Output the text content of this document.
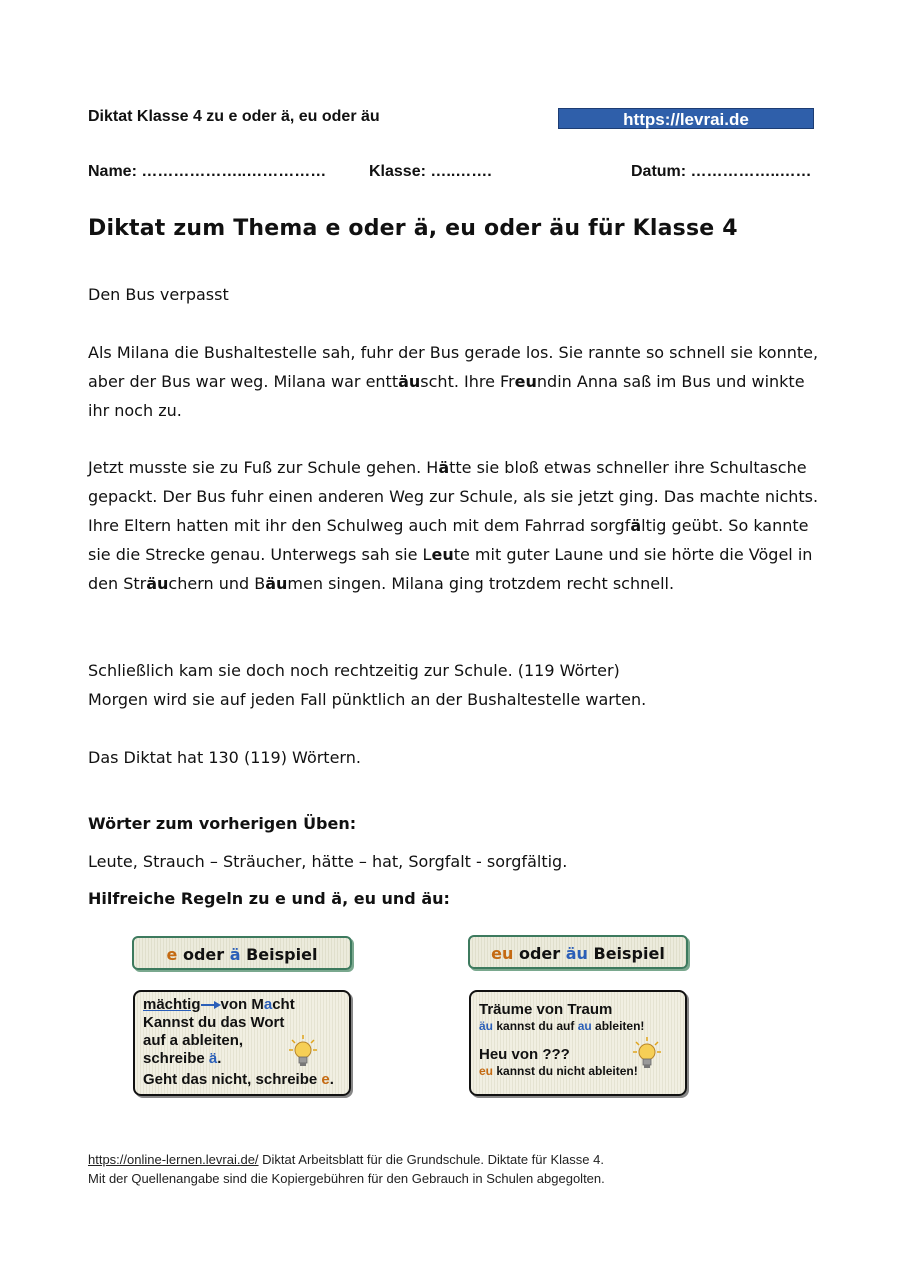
Diktat Klasse 4 zu e oder ä, eu oder äu	https://levrai.de
Name: ………………..……………	Klasse: …..…….	Datum: ……………..……
Diktat zum Thema e oder ä, eu oder äu für Klasse 4
Den Bus verpasst

Als Milana die Bushaltestelle sah, fuhr der Bus gerade los. Sie rannte so schnell sie konnte, aber der Bus war weg. Milana war enttäuscht. Ihre Freundin Anna saß im Bus und winkte ihr noch zu.

Jetzt musste sie zu Fuß zur Schule gehen. Hätte sie bloß etwas schneller ihre Schultasche gepackt. Der Bus fuhr einen anderen Weg zur Schule, als sie jetzt ging. Das machte nichts. Ihre Eltern hatten mit ihr den Schulweg auch mit dem Fahrrad sorgfältig geübt. So kannte sie die Strecke genau. Unterwegs sah sie Leute mit guter Laune und sie hörte die Vögel in den Sträuchern und Bäumen singen. Milana ging trotzdem recht schnell.

Schließlich kam sie doch noch rechtzeitig zur Schule. (119 Wörter)

Morgen wird sie auf jeden Fall pünktlich an der Bushaltestelle warten.

Das Diktat hat 130 (119) Wörtern.
Wörter zum vorherigen Üben:
Leute, Strauch – Sträucher, hätte – hat, Sorgfalt - sorgfältig.
Hilfreiche Regeln zu e und ä, eu und äu:
e oder ä Beispiel
mächtig von Macht
Kannst du das Wort
auf a ableiten,
schreibe ä.
Geht das nicht, schreibe e.
eu oder äu Beispiel
Träume von Traum
äu kannst du auf au ableiten!
Heu von ???
eu kannst du nicht ableiten!
https://online-lernen.levrai.de/ Diktat Arbeitsblatt für die Grundschule. Diktate für Klasse 4.
Mit der Quellenangabe sind die Kopiergebühren für den Gebrauch in Schulen abgegolten.
